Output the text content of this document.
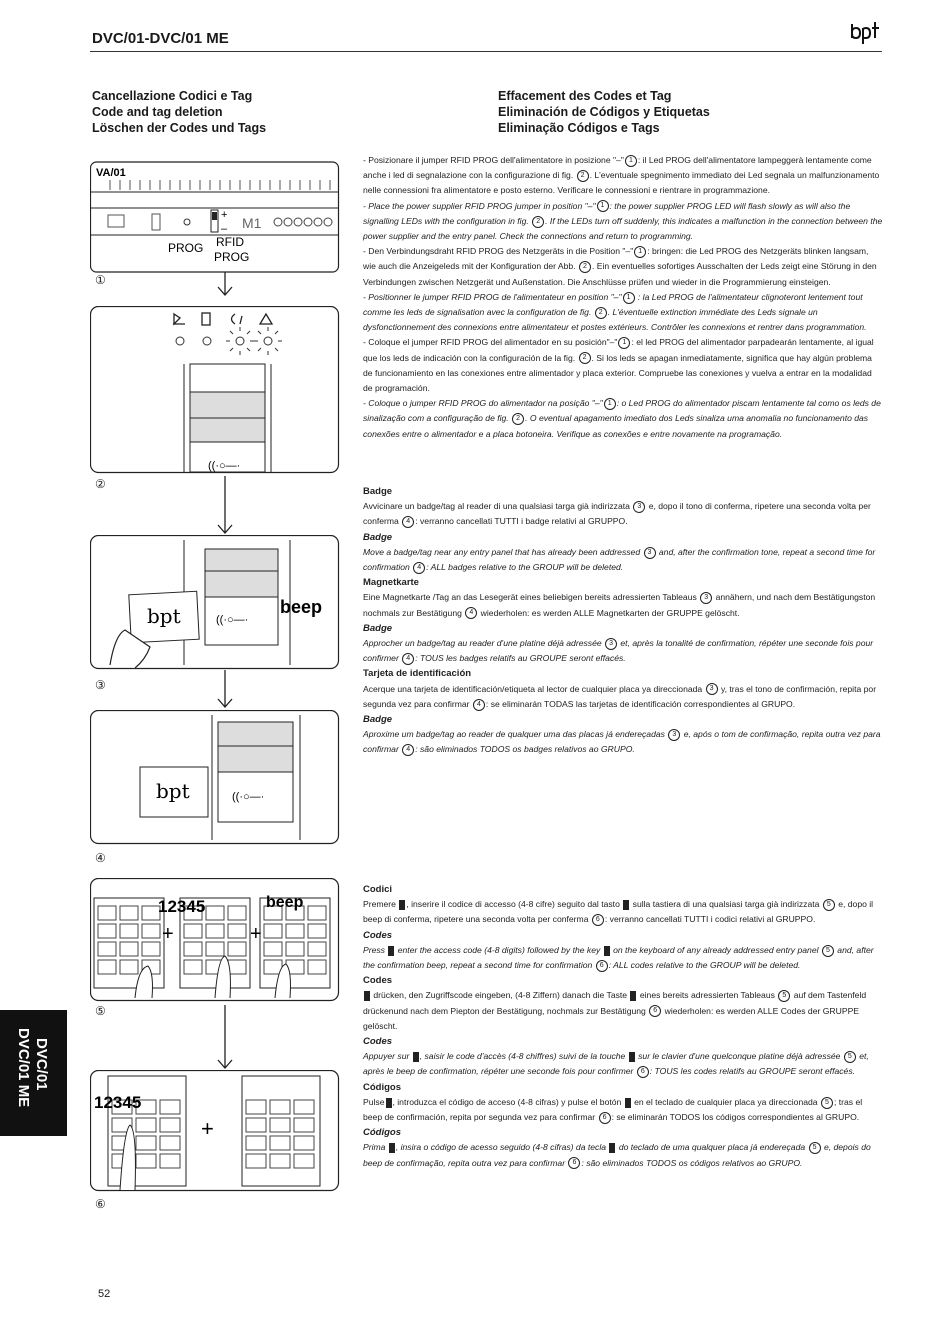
DVC/01-DVC/01 ME
Cancellazione Codici e Tag
Code and tag deletion
Löschen der Codes und Tags
Effacement des Codes et Tag
Eliminación de Códigos y Etiquetas
Eliminação Códigos e Tags
+
–
VA/01
M1
PROG RFID
PROG
①
((·○—·
②
((·○—·
bpt	beep
③
((·○—·
bpt
④
12345	beep
+	+
⑤
12345
+
⑥

- Posizionare il jumper RFID PROG dell'alimentatore in posizione "–" 1 : il Led PROG dell'alimentatore lampeggerà lentamente come anche i led di segnalazione con la configurazione di fig. 2 . L'eventuale spegnimento immediato dei Led segnala un malfunzionamento nelle connessioni fra alimentatore e posto esterno. Verificare le connessioni e rientrare in programmazione.

- Place the power supplier RFID PROG jumper in position "–" 1 : the power supplier PROG LED will flash slowly as will also the signalling LEDs with the configuration in fig. 2 . If the LEDs turn off suddenly, this indicates a malfunction in the connection between the power supplier and the entry panel. Check the connections and return to programming.

- Den Verbindungsdraht RFID PROG des Netzgeräts in die Position "–" 1 : bringen: die Led PROG des Netzgeräts blinken langsam, wie auch die Anzeigeleds mit der Konfiguration der Abb. 2 . Ein eventuelles sofortiges Ausschalten der Leds zeigt eine Störung in den Verbindungen zwischen Netzgerät und Außenstation. Die Anschlüsse prüfen und wieder in die Programmierung einsteigen.

- Positionner le jumper RFID PROG de l'alimentateur en position "–" 1 : la Led PROG de l'alimentateur clignoteront lentement tout comme les leds de signalisation avec la configuration de fig. 2 . L'éventuelle extinction immédiate des Leds signale un dysfonctionnement des connexions entre alimentateur et postes extérieurs. Contrôler les connexions et rentrer dans programmation.

- Coloque el jumper RFID PROG del alimentador en su posición"–" 1 : el led PROG del alimentador parpadearán lentamente, al igual que los leds de indicación con la configuración de la fig. 2 . Si los leds se apagan inmediatamente, significa que hay algún problema de funcionamiento en las conexiones entre alimentador y placa exterior. Compruebe las conexiones y vuelva a entrar en la modalidad de programación.

- Coloque o jumper RFID PROG do alimentador na posição "–" 1 : o Led PROG do alimentador piscam lentamente tal como os leds de sinalização com a configuração de fig. 2 . O eventual apagamento imediato dos Leds sinaliza uma anomalia no funcionamento das conexões entre o alimentador e a placa botoneira. Verifique as conexões e entre novamente na programação.

Badge

Avvicinare un badge/tag al reader di una qualsiasi targa già indirizzata 3 e, dopo il tono di conferma, ripetere una seconda volta per conferma 4 : verranno cancellati TUTTI i badge relativi al GRUPPO.

Badge

Move a badge/tag near any entry panel that has already been addressed 3 and, after the confirmation tone, repeat a second time for confirmation 4 : ALL badges relative to the GROUP will be deleted.

Magnetkarte

Eine Magnetkarte /Tag an das Lesegerät eines beliebigen bereits adressierten Tableaus 3 annähern, und nach dem Bestätigungston nochmals zur Bestätigung 4 wiederholen: es werden ALLE Magnetkarten der GRUPPE gelöscht.

Badge

Approcher un badge/tag au reader d'une platine déjà adressée 3 et, après la tonalité de confirmation, répéter une seconde fois pour confirmer 4 : TOUS les badges relatifs au GROUPE seront effacés.

Tarjeta de identificación

Acerque una tarjeta de identificación/etiqueta al lector de cualquier placa ya direccionada 3 y, tras el tono de confirmación, repita por segunda vez para confirmar 4 : se eliminarán TODAS las tarjetas de identificación correspondientes al GRUPO.

Badge

Aproxime um badge/tag ao reader de qualquer uma das placas já endereçadas 3 e, após o tom de confirmação, repita outra vez para confirmar 4 : são eliminados TODOS os badges relativos ao GRUPO.

Codici

Premere , inserire il codice di accesso (4-8 cifre) seguito dal tasto sulla tastiera di una qualsiasi targa già indirizzata 5 e, dopo il beep di conferma, ripetere una seconda volta per conferma 6 : verranno cancellati TUTTI i codici relativi al GRUPPO.

Codes

Press enter the access code (4-8 digits) followed by the key on the keyboard of any already addressed entry panel 5 and, after the confirmation beep, repeat a second time for confirmation 6 : ALL codes relative to the GROUP will be deleted.

Codes

drücken, den Zugriffscode eingeben, (4-8 Ziffern) danach die Taste eines bereits adressierten Tableaus 5 auf dem Tastenfeld drückenund nach dem Piepton der Bestätigung, nochmals zur Bestätigung 6 wiederholen: es werden ALLE Codes der GRUPPE gelöscht.

Codes

Appuyer sur , saisir le code d'accès (4-8 chiffres) suivi de la touche sur le clavier d'une quelconque platine déjà adressée 5 et, après le beep de confirmation, répéter une seconde fois pour confirmer 6 : TOUS les codes relatifs au GROUPE seront effacés.

Códigos

Pulse , introduzca el código de acceso (4-8 cifras) y pulse el botón en el teclado de cualquier placa ya direccionada 5 ; tras el beep de confirmación, repita por segunda vez para confirmar 6 : se eliminarán TODOS los códigos correspondientes al GRUPO.

Códigos

Prima , insira o código de acesso seguido (4-8 cifras) da tecla do teclado de uma qualquer placa já endereçada 5 e, depois do beep de confirmação, repita outra vez para confirmar 6 : são eliminados TODOS os códigos relativos ao GRUPO.

DVC/01
DVC/01 ME
52
